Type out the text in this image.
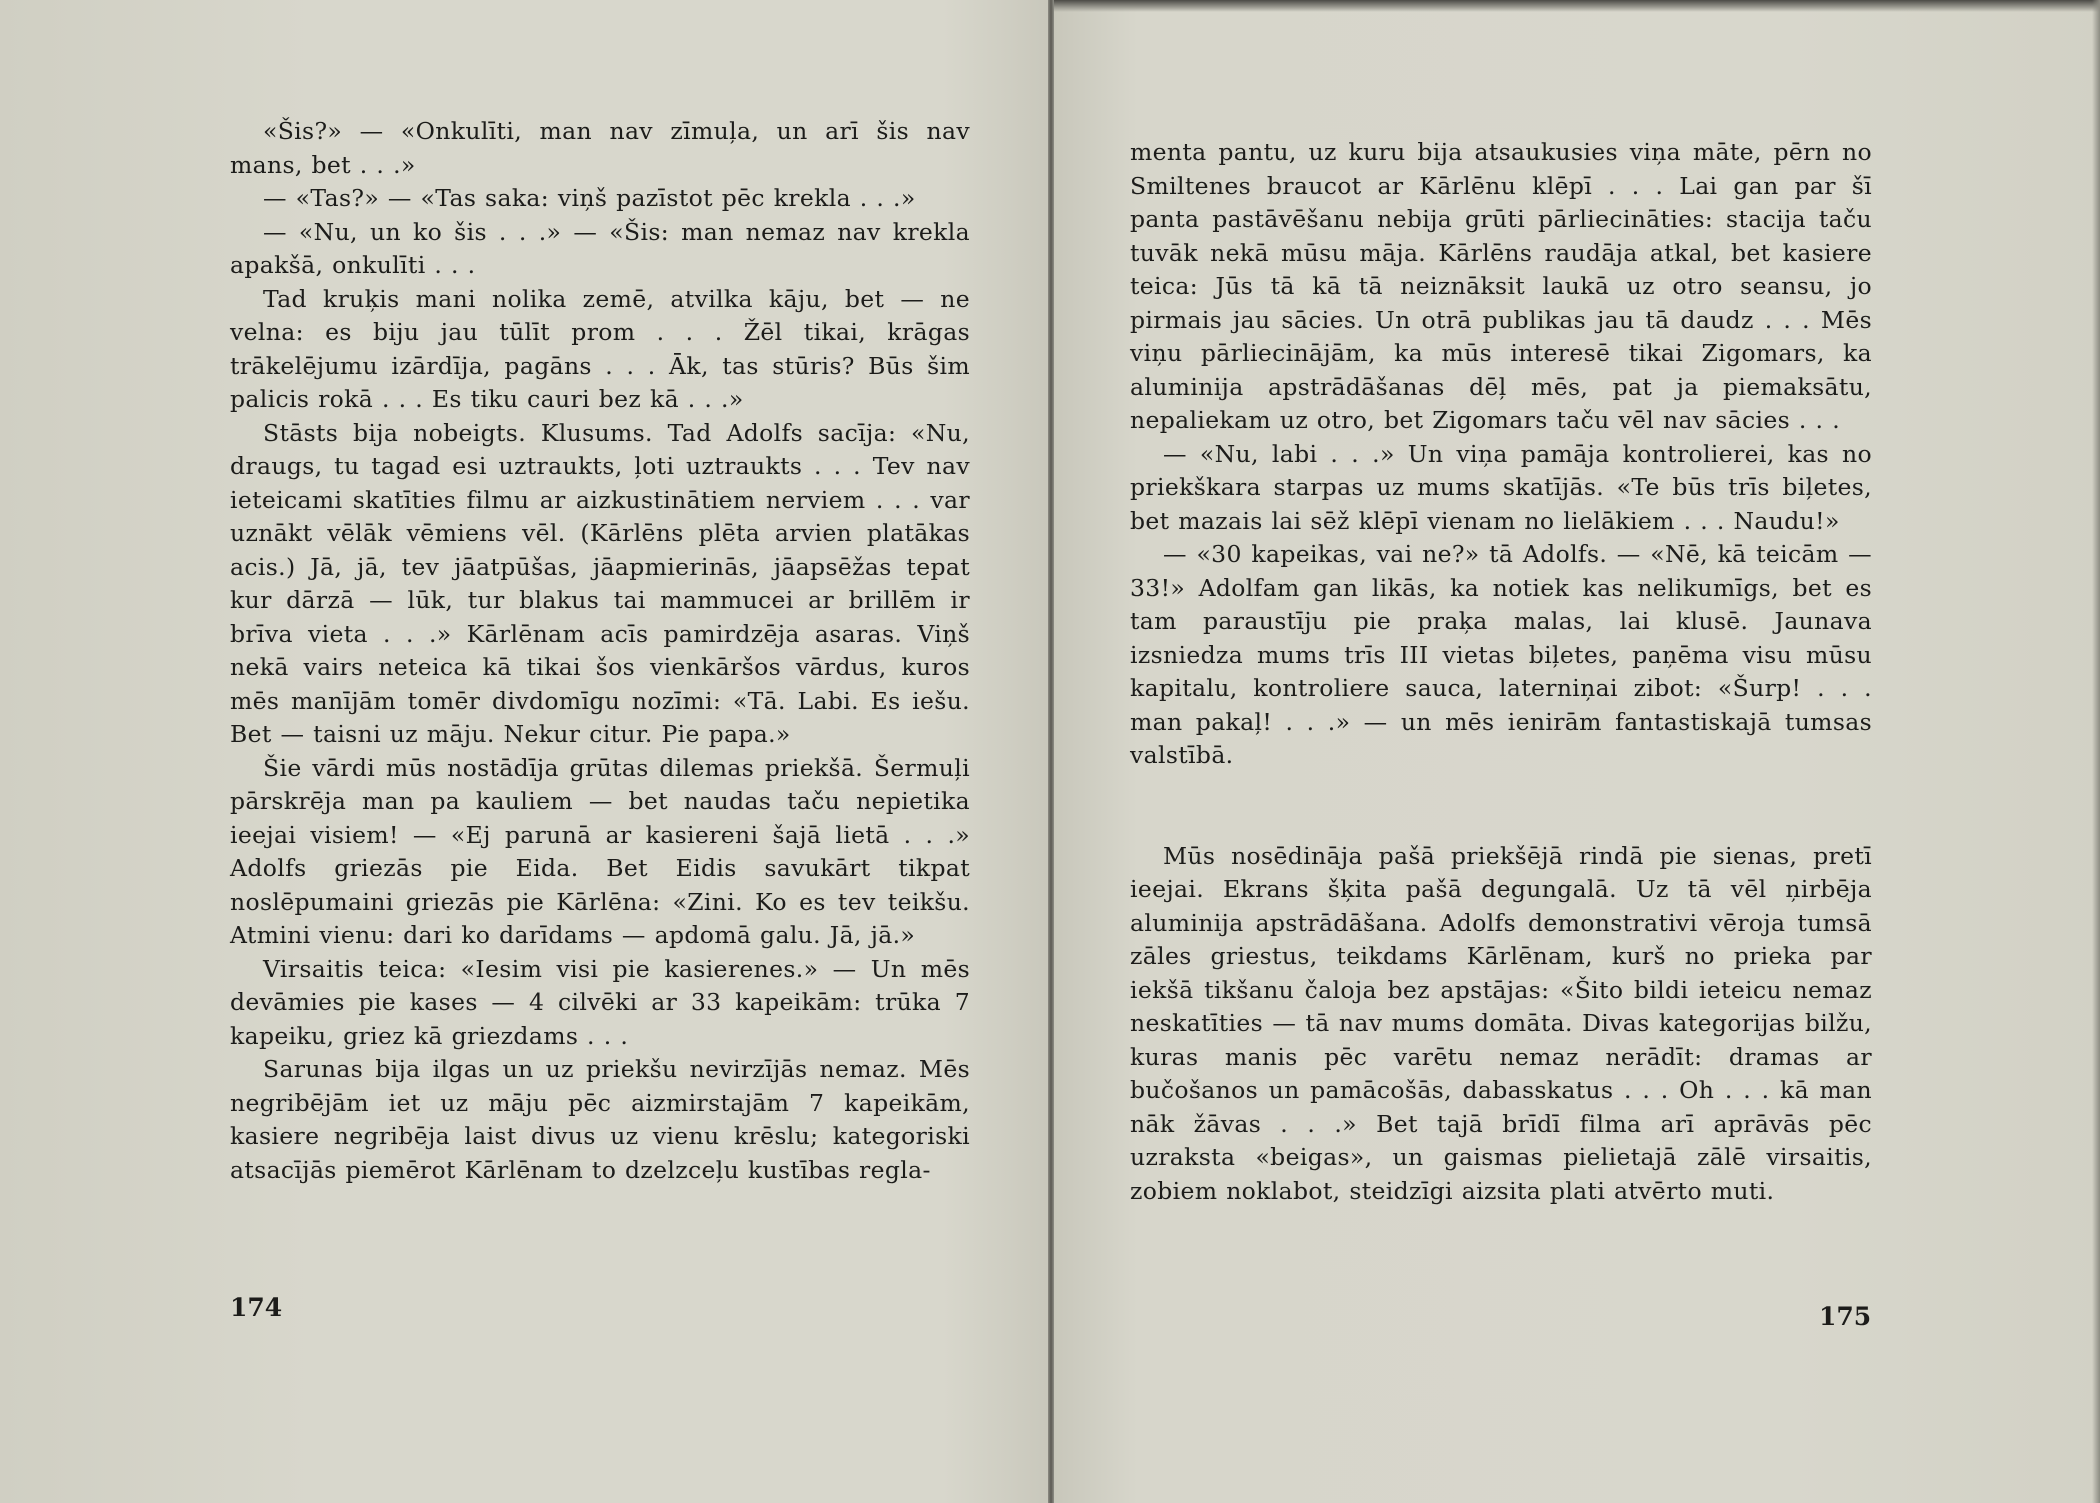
«Šis?» — «Onkulīti, man nav zīmuļa, un arī šis nav mans, bet . . .»

— «Tas?» — «Tas saka: viņš pazīstot pēc krekla . . .»

— «Nu, un ko šis . . .» — «Šis: man nemaz nav krekla apakšā, onkulīti . . .

Tad kruķis mani nolika zemē, atvilka kāju, bet — ne velna: es biju jau tūlīt prom . . . Žēl tikai, krāgas trākelējumu izārdīja, pagāns . . . Āk, tas stūris? Būs šim palicis rokā . . . Es tiku cauri bez kā . . .»

Stāsts bija nobeigts. Klusums. Tad Adolfs sacīja: «Nu, draugs, tu tagad esi uztraukts, ļoti uztraukts . . . Tev nav ieteicami skatīties filmu ar aizkustinātiem nerviem . . . var uznākt vēlāk vēmiens vēl. (Kārlēns plēta arvien platākas acis.) Jā, jā, tev jāatpūšas, jāapmierinās, jāapsēžas tepat kur dārzā — lūk, tur blakus tai mammucei ar brillēm ir brīva vieta . . .» Kārlēnam acīs pamirdzēja asaras. Viņš nekā vairs neteica kā tikai šos vienkāršos vārdus, kuros mēs manījām tomēr divdomīgu nozīmi: «Tā. Labi. Es iešu. Bet — taisni uz māju. Nekur citur. Pie papa.»

Šie vārdi mūs nostādīja grūtas dilemas priekšā. Šermuļi pārskrēja man pa kauliem — bet naudas taču nepietika ieejai visiem! — «Ej parunā ar kasiereni šajā lietā . . .» Adolfs griezās pie Eida. Bet Eidis savukārt tikpat noslēpumaini griezās pie Kārlēna: «Zini. Ko es tev teikšu. Atmini vienu: dari ko darīdams — apdomā galu. Jā, jā.»

Virsaitis teica: «Iesim visi pie kasierenes.» — Un mēs devāmies pie kases — 4 cilvēki ar 33 kapeikām: trūka 7 kapeiku, griez kā griezdams . . .

Sarunas bija ilgas un uz priekšu nevirzījās nemaz. Mēs negribējām iet uz māju pēc aizmirstajām 7 kapeikām, kasiere negribēja laist divus uz vienu krēslu; kategoriski atsacījās piemērot Kārlēnam to dzelzceļu kustības regla-

174

menta pantu, uz kuru bija atsaukusies viņa māte, pērn no Smiltenes braucot ar Kārlēnu klēpī . . . Lai gan par šī panta pastāvēšanu nebija grūti pārliecināties: stacija taču tuvāk nekā mūsu māja. Kārlēns raudāja atkal, bet kasiere teica: Jūs tā kā tā neiznāksit laukā uz otro seansu, jo pirmais jau sācies. Un otrā publikas jau tā daudz . . . Mēs viņu pārliecinājām, ka mūs interesē tikai Zigomars, ka aluminija apstrādāšanas dēļ mēs, pat ja piemaksātu, nepaliekam uz otro, bet Zigomars taču vēl nav sācies . . .

— «Nu, labi . . .» Un viņa pamāja kontrolierei, kas no priekškara starpas uz mums skatījās. «Te būs trīs biļetes, bet mazais lai sēž klēpī vienam no lielākiem . . . Naudu!»

— «30 kapeikas, vai ne?» tā Adolfs. — «Nē, kā teicām — 33!» Adolfam gan likās, ka notiek kas nelikumīgs, bet es tam paraustīju pie praķa malas, lai klusē. Jaunava izsniedza mums trīs III vietas biļetes, paņēma visu mūsu kapitalu, kontroliere sauca, laterniņai zibot: «Šurp! . . . man pakaļ! . . .» — un mēs ienirām fantastiskajā tumsas valstībā.

Mūs nosēdināja pašā priekšējā rindā pie sienas, pretī ieejai. Ekrans šķita pašā degungalā. Uz tā vēl ņirbēja aluminija apstrādāšana. Adolfs demonstrativi vēroja tumsā zāles griestus, teikdams Kārlēnam, kurš no prieka par iekšā tikšanu čaloja bez apstājas: «Šito bildi ieteicu nemaz neskatīties — tā nav mums domāta. Divas kategorijas bilžu, kuras manis pēc varētu nemaz nerādīt: dramas ar bučošanos un pamācošās, dabasskatus . . . Oh . . . kā man nāk žāvas . . .» Bet tajā brīdī filma arī aprāvās pēc uzraksta «beigas», un gaismas pielietajā zālē virsaitis, zobiem noklabot, steidzīgi aizsita plati atvērto muti.

175
